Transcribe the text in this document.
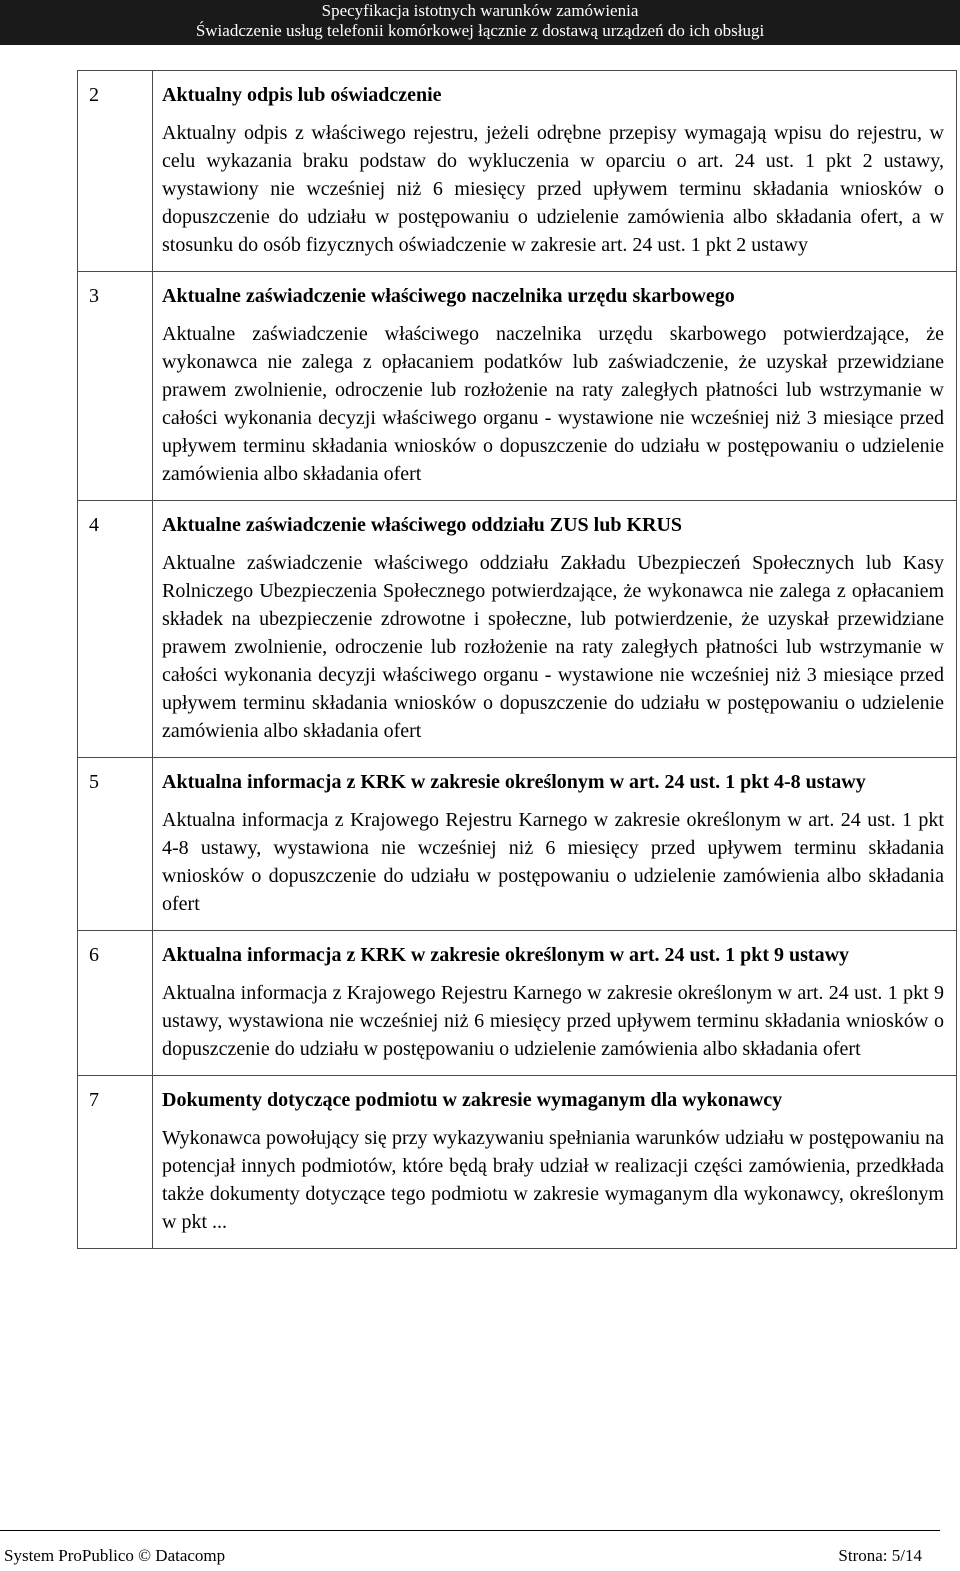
Specyfikacja istotnych warunków zamówienia
Świadczenie usług telefonii komórkowej łącznie z dostawą urządzeń do ich obsługi
2	Aktualny odpis lub oświadczenie
Aktualny odpis z właściwego rejestru, jeżeli odrębne przepisy wymagają wpisu do rejestru, w celu wykazania braku podstaw do wykluczenia w oparciu o art. 24 ust. 1 pkt 2 ustawy, wystawiony nie wcześniej niż 6 miesięcy przed upływem terminu składania wniosków o dopuszczenie do udziału w postępowaniu o udzielenie zamówienia albo składania ofert, a w stosunku do osób fizycznych oświadczenie w zakresie art. 24 ust. 1 pkt 2 ustawy

3	Aktualne zaświadczenie właściwego naczelnika urzędu skarbowego
Aktualne zaświadczenie właściwego naczelnika urzędu skarbowego potwierdzające, że wykonawca nie zalega z opłacaniem podatków lub zaświadczenie, że uzyskał przewidziane prawem zwolnienie, odroczenie lub rozłożenie na raty zaległych płatności lub wstrzymanie w całości wykonania decyzji właściwego organu - wystawione nie wcześniej niż 3 miesiące przed upływem terminu składania wniosków o dopuszczenie do udziału w postępowaniu o udzielenie zamówienia albo składania ofert

4	Aktualne zaświadczenie właściwego oddziału ZUS lub KRUS
Aktualne zaświadczenie właściwego oddziału Zakładu Ubezpieczeń Społecznych lub Kasy Rolniczego Ubezpieczenia Społecznego potwierdzające, że wykonawca nie zalega z opłacaniem składek na ubezpieczenie zdrowotne i społeczne, lub potwierdzenie, że uzyskał przewidziane prawem zwolnienie, odroczenie lub rozłożenie na raty zaległych płatności lub wstrzymanie w całości wykonania decyzji właściwego organu - wystawione nie wcześniej niż 3 miesiące przed upływem terminu składania wniosków o dopuszczenie do udziału w postępowaniu o udzielenie zamówienia albo składania ofert

5	Aktualna informacja z KRK w zakresie określonym w art. 24 ust. 1 pkt 4-8 ustawy
Aktualna informacja z Krajowego Rejestru Karnego w zakresie określonym w art. 24 ust. 1 pkt 4-8 ustawy, wystawiona nie wcześniej niż 6 miesięcy przed upływem terminu składania wniosków o dopuszczenie do udziału w postępowaniu o udzielenie zamówienia albo składania ofert

6	Aktualna informacja z KRK w zakresie określonym w art. 24 ust. 1 pkt 9 ustawy
Aktualna informacja z Krajowego Rejestru Karnego w zakresie określonym w art. 24 ust. 1 pkt 9 ustawy, wystawiona nie wcześniej niż 6 miesięcy przed upływem terminu składania wniosków o dopuszczenie do udziału w postępowaniu o udzielenie zamówienia albo składania ofert

7	Dokumenty dotyczące podmiotu w zakresie wymaganym dla wykonawcy
Wykonawca powołujący się przy wykazywaniu spełniania warunków udziału w postępowaniu na potencjał innych podmiotów, które będą brały udział w realizacji części zamówienia, przedkłada także dokumenty dotyczące tego podmiotu w zakresie wymaganym dla wykonawcy, określonym w pkt ...
System ProPublico © Datacomp	Strona: 5/14
